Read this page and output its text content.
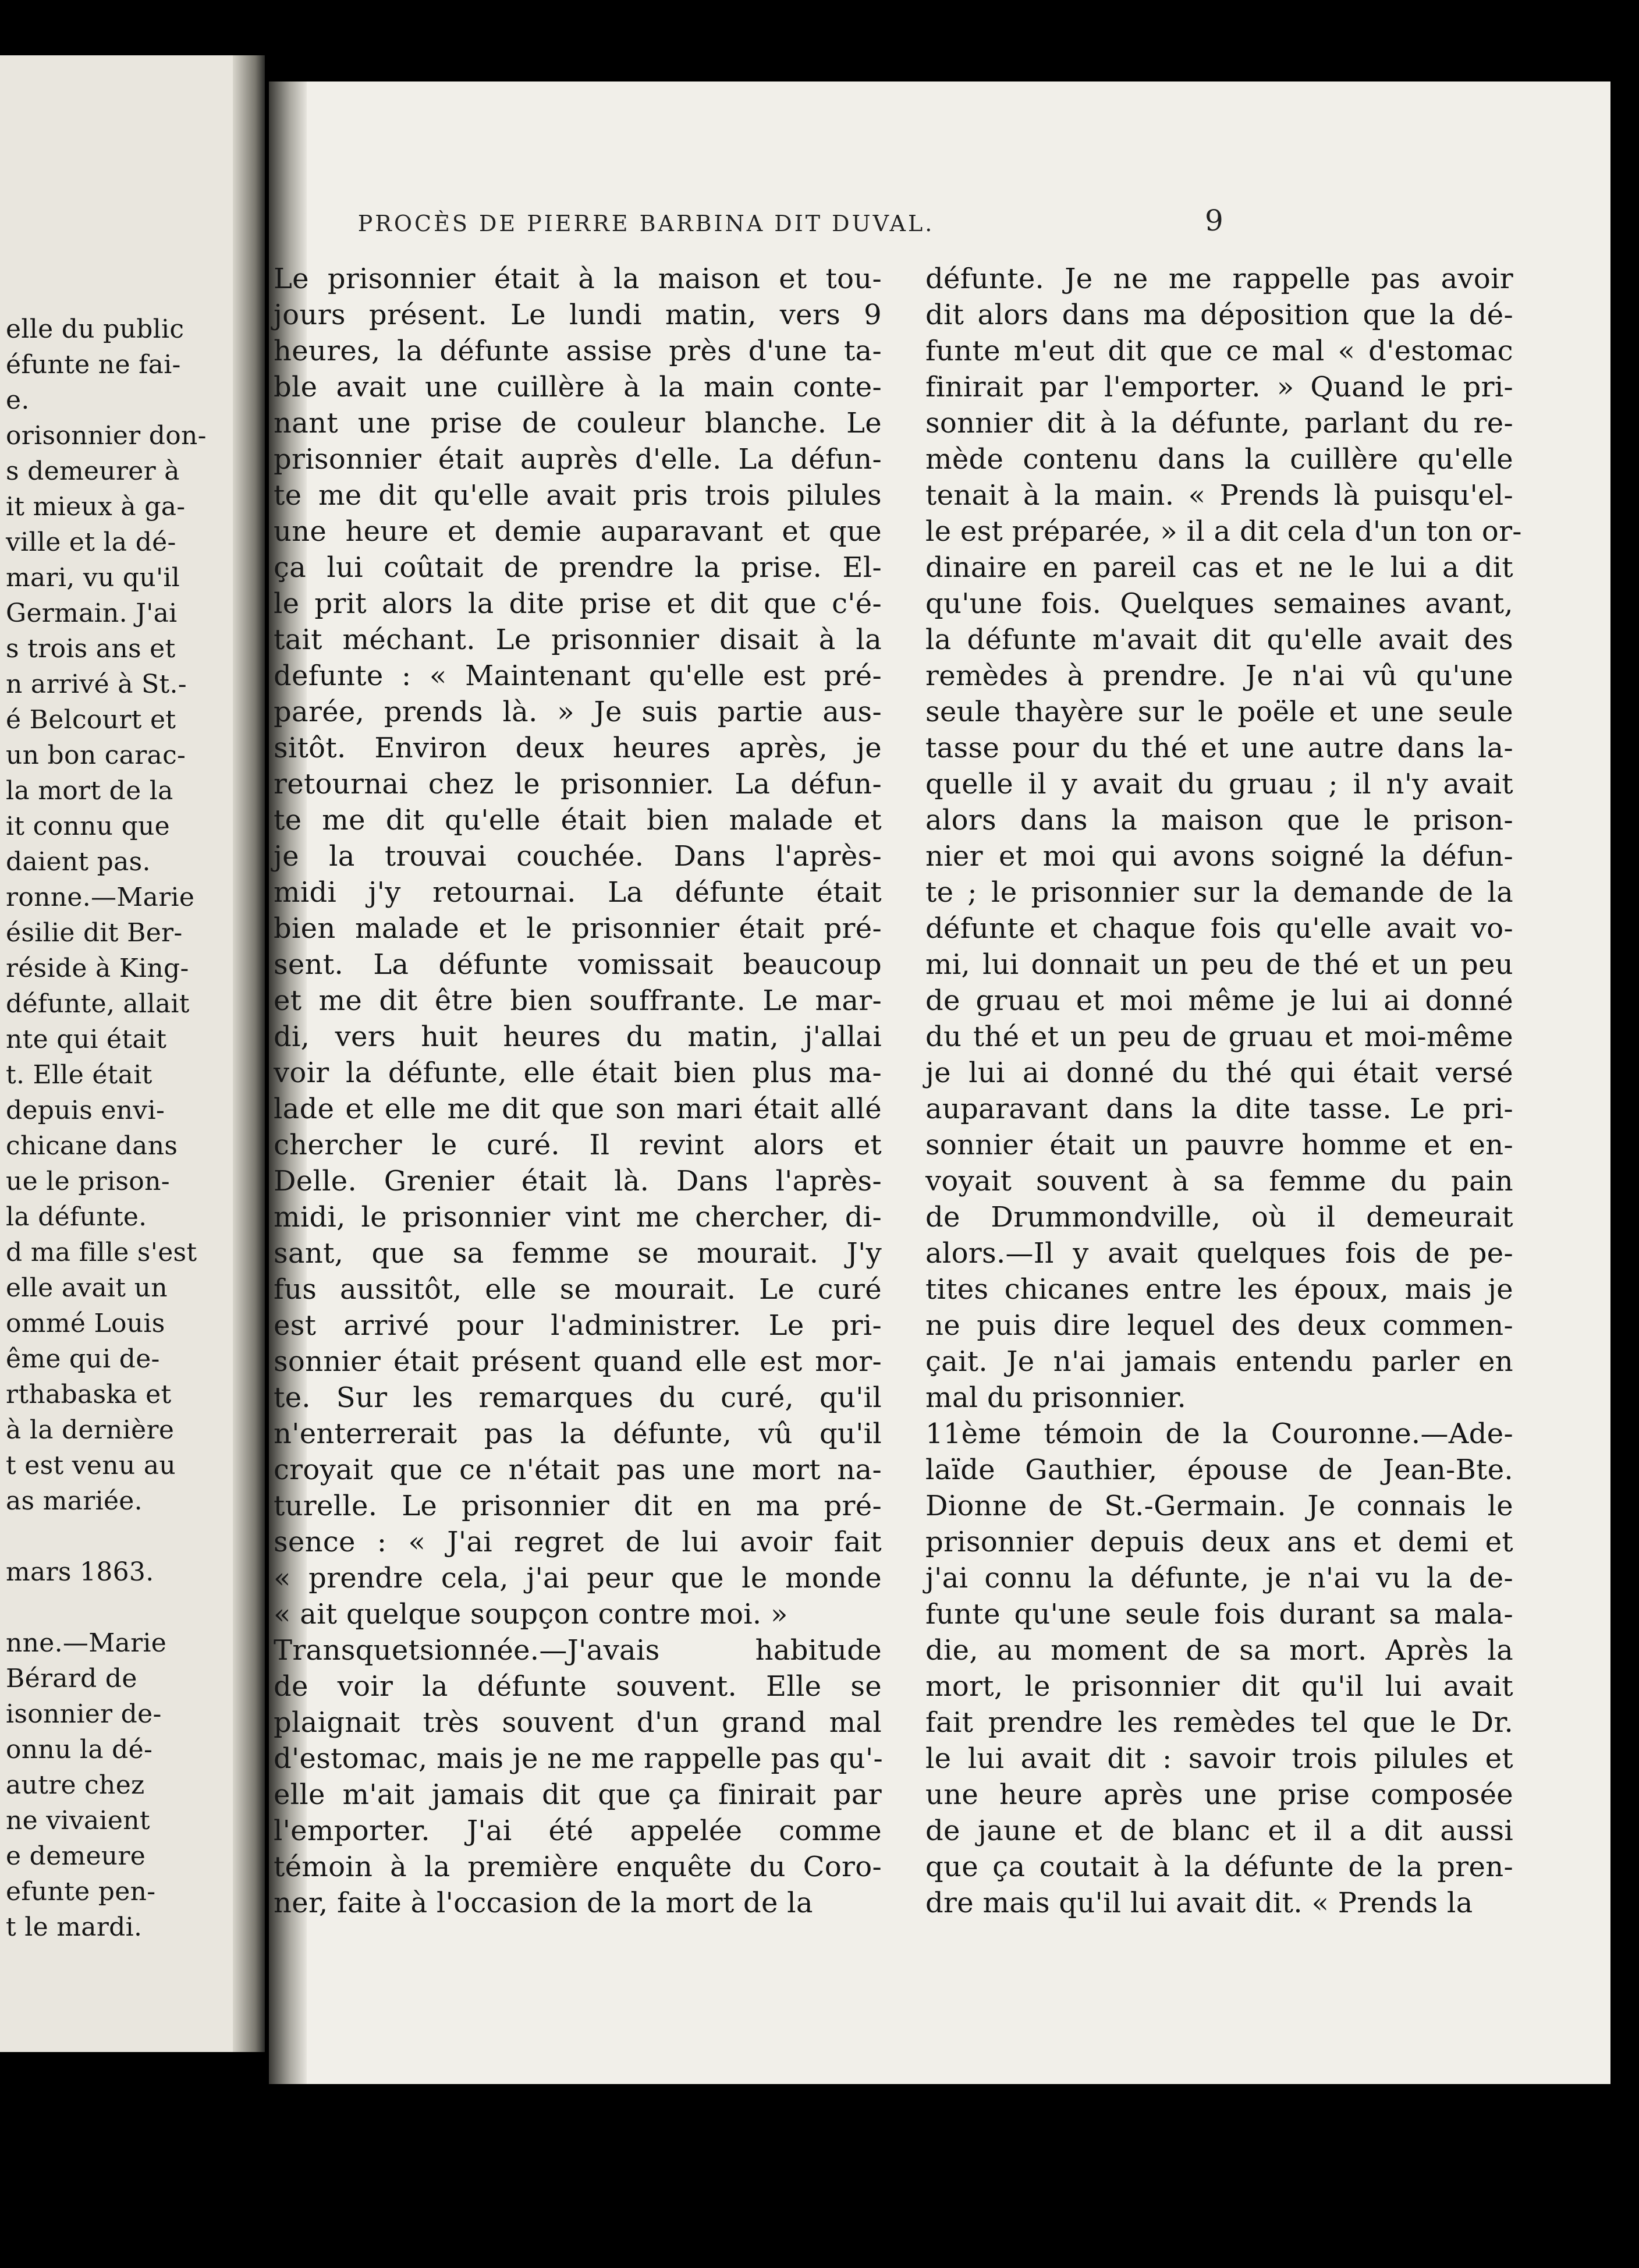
elle du public
éfunte ne fai-
e.
orisonnier don-
s demeurer à
it mieux à ga-
ville et la dé-
mari, vu qu'il
Germain. J'ai
s trois ans et
n arrivé à St.-
é Belcourt et
un bon carac-
la mort de la
it connu que
daient pas.
ronne.—Marie
ésilie dit Ber-
réside à King-
défunte, allait
nte qui était
t. Elle était
depuis envi-
chicane dans
ue le prison-
la défunte.
d ma fille s'est
elle avait un
ommé Louis
ême qui de-
rthabaska et
à la dernière
t est venu au
as mariée.

mars 1863.

nne.—Marie
Bérard de
isonnier de-
onnu la dé-
autre chez
ne vivaient
e demeure
efunte pen-
t le mardi.
PROCÈS DE PIERRE BARBINA DIT DUVAL.	9
Le prisonnier était à la maison et tou-
jours présent. Le lundi matin, vers 9
heures, la défunte assise près d'une ta-
ble avait une cuillère à la main conte-
nant une prise de couleur blanche. Le
prisonnier était auprès d'elle. La défun-
te me dit qu'elle avait pris trois pilules
une heure et demie auparavant et que
ça lui coûtait de prendre la prise. El-
le prit alors la dite prise et dit que c'é-
tait méchant. Le prisonnier disait à la
defunte : « Maintenant qu'elle est pré-
parée, prends là. » Je suis partie aus-
sitôt. Environ deux heures après, je
retournai chez le prisonnier. La défun-
te me dit qu'elle était bien malade et
je la trouvai couchée. Dans l'après-
midi j'y retournai. La défunte était
bien malade et le prisonnier était pré-
sent. La défunte vomissait beaucoup
et me dit être bien souffrante. Le mar-
di, vers huit heures du matin, j'allai
voir la défunte, elle était bien plus ma-
lade et elle me dit que son mari était allé
chercher le curé. Il revint alors et
Delle. Grenier était là. Dans l'après-
midi, le prisonnier vint me chercher, di-
sant, que sa femme se mourait. J'y
fus aussitôt, elle se mourait. Le curé
est arrivé pour l'administrer. Le pri-
sonnier était présent quand elle est mor-
te. Sur les remarques du curé, qu'il
n'enterrerait pas la défunte, vû qu'il
croyait que ce n'était pas une mort na-
turelle. Le prisonnier dit en ma pré-
sence : « J'ai regret de lui avoir fait
« prendre cela, j'ai peur que le monde
« ait quelque soupçon contre moi. »
Transquetsionnée.—J'avais habitude
de voir la défunte souvent. Elle se
plaignait très souvent d'un grand mal
d'estomac, mais je ne me rappelle pas qu'-
elle m'ait jamais dit que ça finirait par
l'emporter. J'ai été appelée comme
témoin à la première enquête du Coro-
ner, faite à l'occasion de la mort de la
défunte. Je ne me rappelle pas avoir
dit alors dans ma déposition que la dé-
funte m'eut dit que ce mal « d'estomac
finirait par l'emporter. » Quand le pri-
sonnier dit à la défunte, parlant du re-
mède contenu dans la cuillère qu'elle
tenait à la main. « Prends là puisqu'el-
le est préparée, » il a dit cela d'un ton or-
dinaire en pareil cas et ne le lui a dit
qu'une fois. Quelques semaines avant,
la défunte m'avait dit qu'elle avait des
remèdes à prendre. Je n'ai vû qu'une
seule thayère sur le poële et une seule
tasse pour du thé et une autre dans la-
quelle il y avait du gruau ; il n'y avait
alors dans la maison que le prison-
nier et moi qui avons soigné la défun-
te ; le prisonnier sur la demande de la
défunte et chaque fois qu'elle avait vo-
mi, lui donnait un peu de thé et un peu
de gruau et moi même je lui ai donné
du thé et un peu de gruau et moi-même
je lui ai donné du thé qui était versé
auparavant dans la dite tasse. Le pri-
sonnier était un pauvre homme et en-
voyait souvent à sa femme du pain
de Drummondville, où il demeurait
alors.—Il y avait quelques fois de pe-
tites chicanes entre les époux, mais je
ne puis dire lequel des deux commen-
çait. Je n'ai jamais entendu parler en
mal du prisonnier.
11ème témoin de la Couronne.—Ade-
laïde Gauthier, épouse de Jean-Bte.
Dionne de St.-Germain. Je connais le
prisonnier depuis deux ans et demi et
j'ai connu la défunte, je n'ai vu la de-
funte qu'une seule fois durant sa mala-
die, au moment de sa mort. Après la
mort, le prisonnier dit qu'il lui avait
fait prendre les remèdes tel que le Dr.
le lui avait dit : savoir trois pilules et
une heure après une prise composée
de jaune et de blanc et il a dit aussi
que ça coutait à la défunte de la pren-
dre mais qu'il lui avait dit. « Prends la
